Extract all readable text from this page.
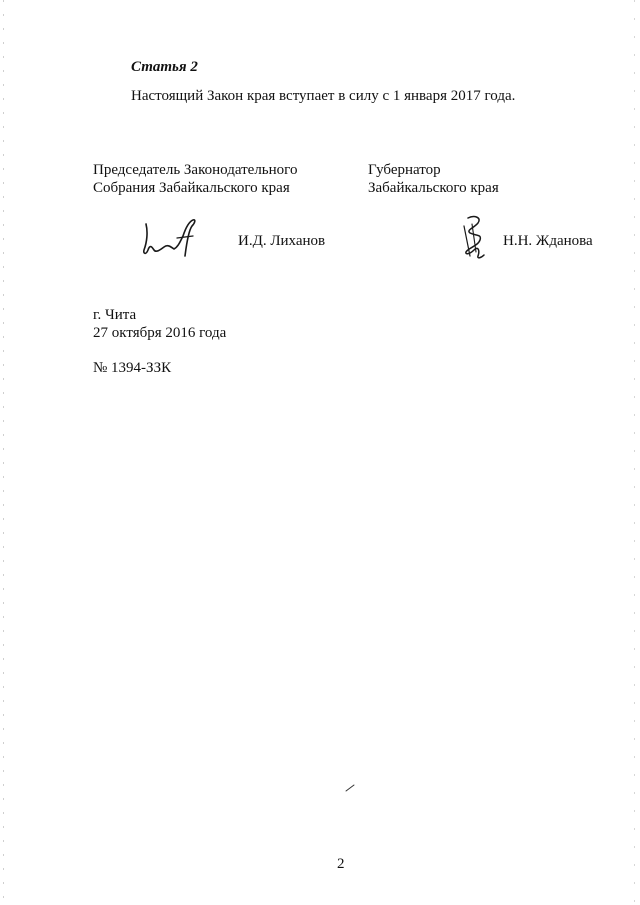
Статья 2
Настоящий Закон края вступает в силу с 1 января 2017 года.
Председатель Законодательного
Собрания Забайкальского края
Губернатор
Забайкальского края
И.Д. Лиханов	Н.Н. Жданова
г. Чита
27 октября 2016 года
№ 1394-ЗЗК
2
